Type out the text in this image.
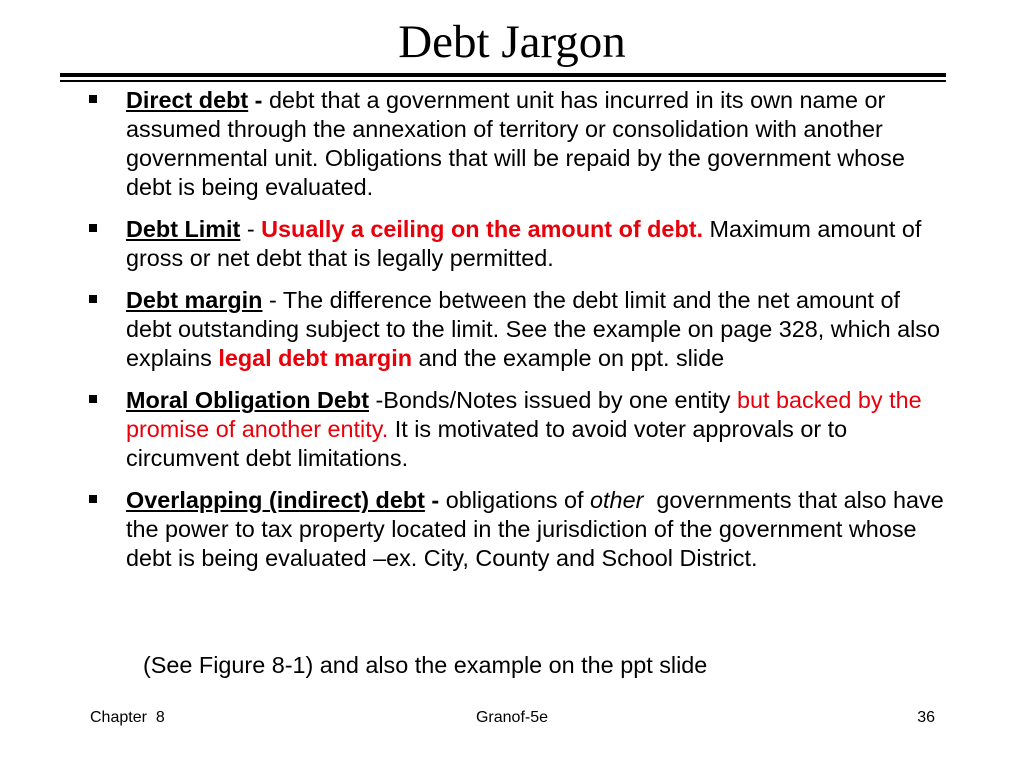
Debt Jargon
Direct debt - debt that a government unit has incurred in its own name or assumed through the annexation of territory or consolidation with another governmental unit. Obligations that will be repaid by the government whose debt is being evaluated.
Debt Limit - Usually a ceiling on the amount of debt. Maximum amount of gross or net debt that is legally permitted.
Debt margin - The difference between the debt limit and the net amount of debt outstanding subject to the limit. See the example on page 328, which also explains legal debt margin and the example on ppt. slide
Moral Obligation Debt -Bonds/Notes issued by one entity but backed by the promise of another entity. It is motivated to avoid voter approvals or to circumvent debt limitations.
Overlapping (indirect) debt - obligations of other  governments that also have the power to tax property located in the jurisdiction of the government whose debt is being evaluated –ex. City, County and School District.
(See Figure 8-1) and also the example on the ppt slide
Chapter  8	Granof-5e	36
